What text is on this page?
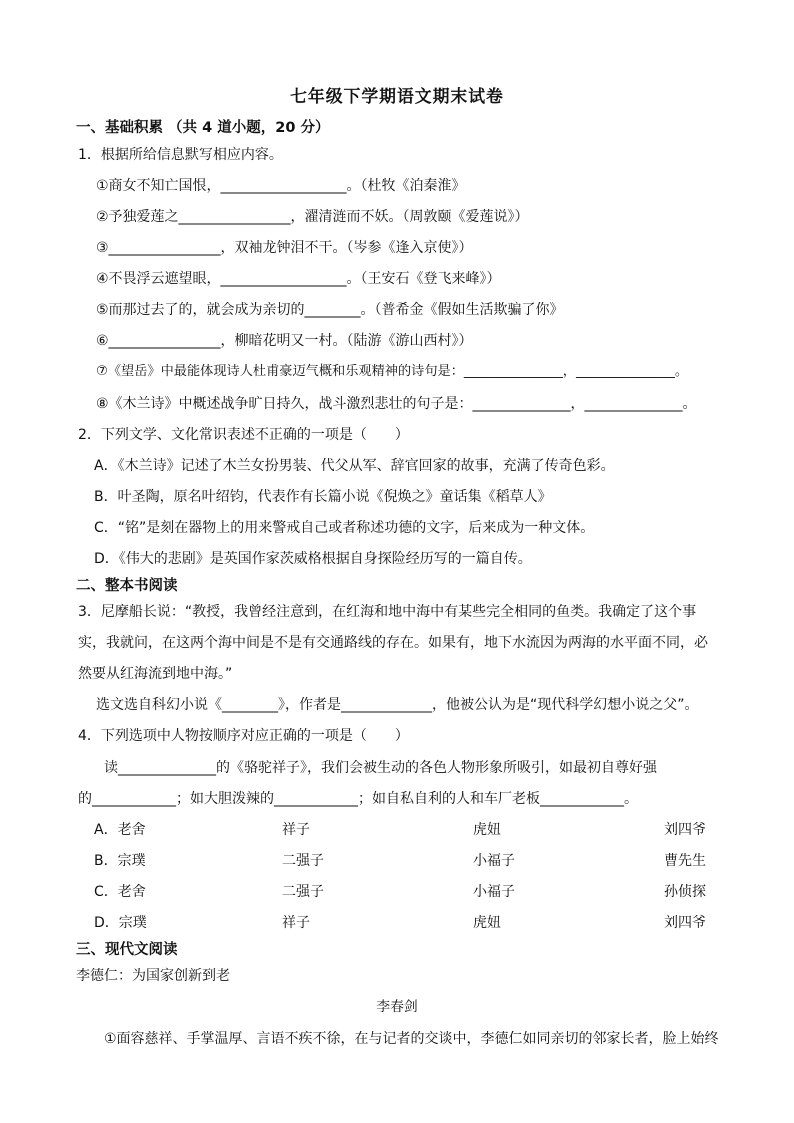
七年级下学期语文期末试卷
一、基础积累 （共 4 道小题，20 分）
1．根据所给信息默写相应内容。
①商女不知亡国恨，__________________。（杜牧《泊秦淮》
②予独爱莲之________________，濯清涟而不妖。（周敦颐《爱莲说》）
③________________，双袖龙钟泪不干。（岑参《逢入京使》）
④不畏浮云遮望眼，__________________。（王安石《登飞来峰》）
⑤而那过去了的，就会成为亲切的________。（普希金《假如生活欺骗了你》
⑥________________，柳暗花明又一村。（陆游《游山西村》）
⑦《望岳》中最能体现诗人杜甫豪迈气概和乐观精神的诗句是：_______________，_______________。
⑧《木兰诗》中概述战争旷日持久，战斗激烈悲壮的句子是：______________，______________。
2．下列文学、文化常识表述不正确的一项是（　　）
A．《木兰诗》记述了木兰女扮男装、代父从军、辞官回家的故事，充满了传奇色彩。
B．叶圣陶，原名叶绍钧，代表作有长篇小说《倪焕之》童话集《稻草人》
C．“铭”是刻在器物上的用来警戒自己或者称述功德的文字，后来成为一种文体。
D．《伟大的悲剧》是英国作家茨威格根据自身探险经历写的一篇自传。
二、整本书阅读
3．尼摩船长说：“教授，我曾经注意到，在红海和地中海中有某些完全相同的鱼类。我确定了这个事
实，我就问，在这两个海中间是不是有交通路线的存在。如果有，地下水流因为两海的水平面不同，必
然要从红海流到地中海。”
选文选自科幻小说《________》，作者是_____________，他被公认为是“现代科学幻想小说之父”。
4．下列选项中人物按顺序对应正确的一项是（　　）
读______________的《骆驼祥子》，我们会被生动的各色人物形象所吸引，如最初自尊好强
的____________；如大胆泼辣的____________；如自私自利的人和车厂老板____________。
A．老舍	祥子	虎妞	刘四爷
B．宗璞	二强子	小福子	曹先生
C．老舍	二强子	小福子	孙侦探
D．宗璞	祥子	虎妞	刘四爷
三、现代文阅读
李德仁：为国家创新到老
李春剑
①面容慈祥、手掌温厚、言语不疾不徐，在与记者的交谈中，李德仁如同亲切的邻家长者，脸上始终
